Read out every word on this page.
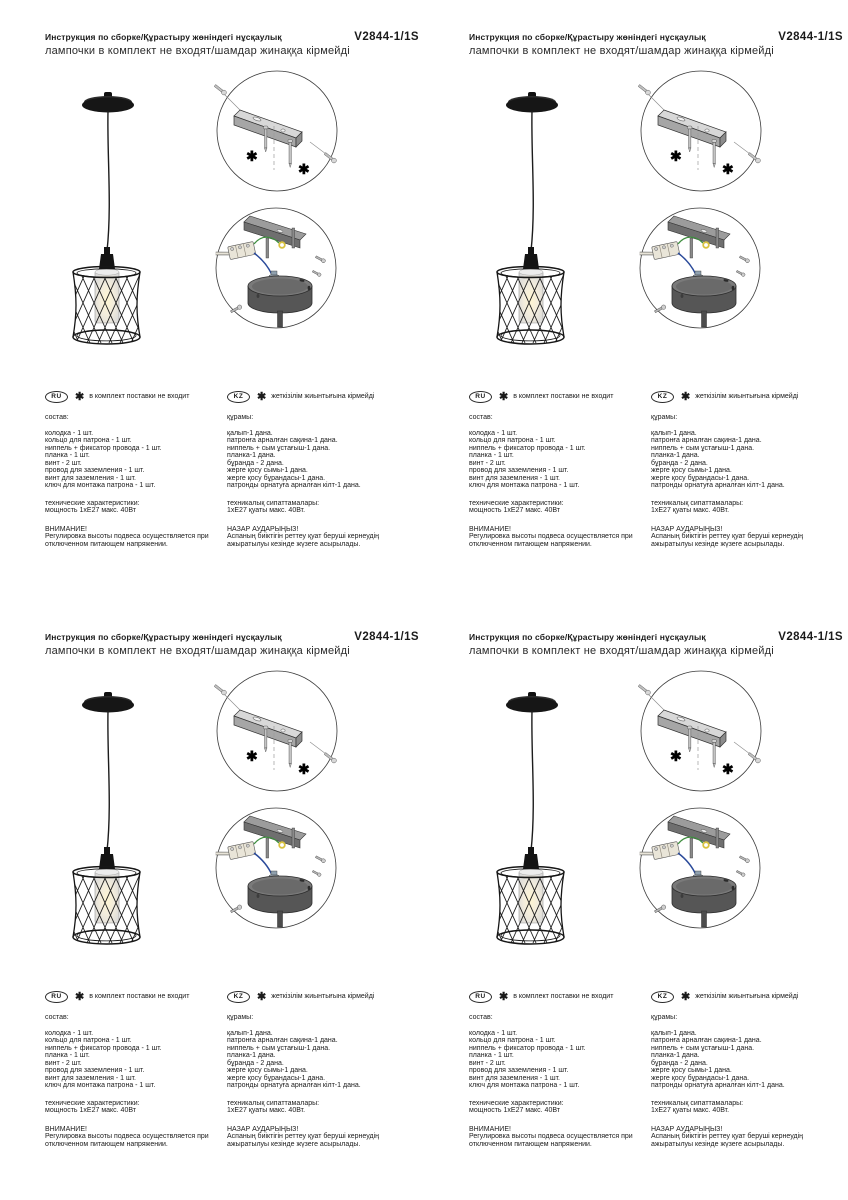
Инструкция по сборке/Құрастыру жөніндегі нұсқаулық	V2844-1/1S
лампочки в комплект не входят/шамдар жинаққа кірмейді
✱
✱
RU	✱ в комплект поставки не входит
состав:
колодка - 1 шт.
кольцо для патрона - 1 шт.
ниппель + фиксатор провода - 1 шт.
планка - 1 шт.
винт - 2 шт.
провод для заземления - 1 шт.
винт для заземления - 1 шт.
ключ для монтажа патрона - 1 шт.
технические характеристики:
мощность 1хЕ27 макс. 40Вт
ВНИМАНИЕ!
Регулировка высоты подвеса осуществляется при отключенном питающем напряжении.
KZ	✱ жеткізілім жиынтығына кірмейді
құрамы:
қалып-1 дана.
патронға арналған сақина-1 дана.
ниппель + сым ұстағыш-1 дана.
планка-1 дана.
бұранда - 2 дана.
жерге қосу сымы-1 дана.
жерге қосу бұрандасы-1 дана.
патронды орнатуға арналған кілт-1 дана.
техникалық сипаттамалары:
1хЕ27 қуаты макс. 40Вт.
НАЗАР АУДАРЫҢЫЗ!
Аспаның биіктігін реттеу қуат беруші кернеудің ажыратылуы кезінде жүзеге асырылады.
Инструкция по сборке/Құрастыру жөніндегі нұсқаулық	V2844-1/1S
лампочки в комплект не входят/шамдар жинаққа кірмейді
✱
✱
RU	✱ в комплект поставки не входит
состав:
колодка - 1 шт.
кольцо для патрона - 1 шт.
ниппель + фиксатор провода - 1 шт.
планка - 1 шт.
винт - 2 шт.
провод для заземления - 1 шт.
винт для заземления - 1 шт.
ключ для монтажа патрона - 1 шт.
технические характеристики:
мощность 1хЕ27 макс. 40Вт
ВНИМАНИЕ!
Регулировка высоты подвеса осуществляется при отключенном питающем напряжении.
KZ	✱ жеткізілім жиынтығына кірмейді
құрамы:
қалып-1 дана.
патронға арналған сақина-1 дана.
ниппель + сым ұстағыш-1 дана.
планка-1 дана.
бұранда - 2 дана.
жерге қосу сымы-1 дана.
жерге қосу бұрандасы-1 дана.
патронды орнатуға арналған кілт-1 дана.
техникалық сипаттамалары:
1хЕ27 қуаты макс. 40Вт.
НАЗАР АУДАРЫҢЫЗ!
Аспаның биіктігін реттеу қуат беруші кернеудің ажыратылуы кезінде жүзеге асырылады.
Инструкция по сборке/Құрастыру жөніндегі нұсқаулық	V2844-1/1S
лампочки в комплект не входят/шамдар жинаққа кірмейді
✱
✱
RU	✱ в комплект поставки не входит
состав:
колодка - 1 шт.
кольцо для патрона - 1 шт.
ниппель + фиксатор провода - 1 шт.
планка - 1 шт.
винт - 2 шт.
провод для заземления - 1 шт.
винт для заземления - 1 шт.
ключ для монтажа патрона - 1 шт.
технические характеристики:
мощность 1хЕ27 макс. 40Вт
ВНИМАНИЕ!
Регулировка высоты подвеса осуществляется при отключенном питающем напряжении.
KZ	✱ жеткізілім жиынтығына кірмейді
құрамы:
қалып-1 дана.
патронға арналған сақина-1 дана.
ниппель + сым ұстағыш-1 дана.
планка-1 дана.
бұранда - 2 дана.
жерге қосу сымы-1 дана.
жерге қосу бұрандасы-1 дана.
патронды орнатуға арналған кілт-1 дана.
техникалық сипаттамалары:
1хЕ27 қуаты макс. 40Вт.
НАЗАР АУДАРЫҢЫЗ!
Аспаның биіктігін реттеу қуат беруші кернеудің ажыратылуы кезінде жүзеге асырылады.
Инструкция по сборке/Құрастыру жөніндегі нұсқаулық	V2844-1/1S
лампочки в комплект не входят/шамдар жинаққа кірмейді
✱
✱
RU	✱ в комплект поставки не входит
состав:
колодка - 1 шт.
кольцо для патрона - 1 шт.
ниппель + фиксатор провода - 1 шт.
планка - 1 шт.
винт - 2 шт.
провод для заземления - 1 шт.
винт для заземления - 1 шт.
ключ для монтажа патрона - 1 шт.
технические характеристики:
мощность 1хЕ27 макс. 40Вт
ВНИМАНИЕ!
Регулировка высоты подвеса осуществляется при отключенном питающем напряжении.
KZ	✱ жеткізілім жиынтығына кірмейді
құрамы:
қалып-1 дана.
патронға арналған сақина-1 дана.
ниппель + сым ұстағыш-1 дана.
планка-1 дана.
бұранда - 2 дана.
жерге қосу сымы-1 дана.
жерге қосу бұрандасы-1 дана.
патронды орнатуға арналған кілт-1 дана.
техникалық сипаттамалары:
1хЕ27 қуаты макс. 40Вт.
НАЗАР АУДАРЫҢЫЗ!
Аспаның биіктігін реттеу қуат беруші кернеудің ажыратылуы кезінде жүзеге асырылады.
